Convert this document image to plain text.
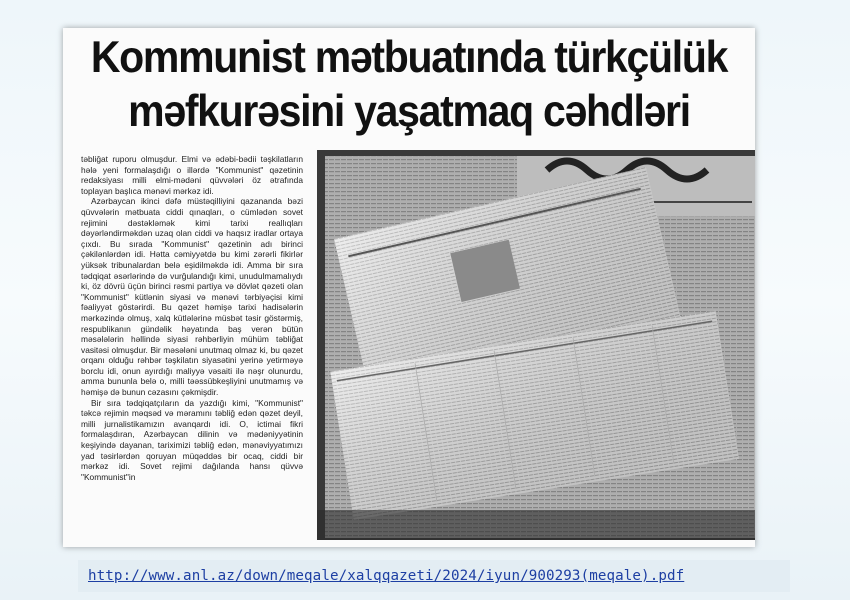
Kommunist mətbuatında türkçülük
məfkurəsini yaşatmaq cəhdləri

təbliğat ruporu olmuşdur. Elmi və ədəbi-bədii təşkilatların hələ yeni formalaşdığı o illərdə "Kommunist" qəzetinin redaksiyası milli elmi-mədəni qüvvələri öz ətrafında toplayan başlıca mənəvi mərkəz idi.

Azərbaycan ikinci dəfə müstəqilliyini qazananda bəzi qüvvələrin mətbuata ciddi qınaqları, o cümlədən sovet rejimini dəstəkləmək kimi tarixi reallıqları dəyərləndirməkdən uzaq olan ciddi və haqsız iradlar ortaya çıxdı. Bu sırada "Kommunist" qəzetinin adı birinci çəkilənlərdən idi. Hətta cəmiyyətdə bu kimi zərərli fikirlər yüksək tribunalardan belə eşidilməkdə idi. Amma bir sıra tədqiqat əsərlərində də vurğulandığı kimi, unudulmamalıydı ki, öz dövrü üçün birinci rəsmi partiya və dövlət qəzeti olan "Kommunist" kütlənin siyasi və mənəvi tərbiyəçisi kimi fəaliyyət göstərirdi. Bu qəzet həmişə tarixi hadisələrin mərkəzində olmuş, xalq kütlələrinə müsbət təsir göstərmiş, respublikanın gündəlik həyatında baş verən bütün məsələlərin həllində siyasi rəhbərliyin mühüm təbliğat vasitəsi olmuşdur. Bir məsələni unutmaq olmaz ki, bu qəzet orqanı olduğu rəhbər təşkilatın siyasətini yerinə yetirməyə borclu idi, onun ayırdığı maliyyə vəsaiti ilə nəşr olunurdu, amma bununla belə o, milli təəssübkeşliyini unutmamış və həmişə də bunun cəzasını çəkmişdir.

Bir sıra tədqiqatçıların da yazdığı kimi, "Kommunist" təkcə rejimin məqsəd və məramını təbliğ edən qəzet deyil, milli jurnalistikamızın avanqardı idi. O, ictimai fikri formalaşdıran, Azərbaycan dilinin və mədəniyyətinin keşiyində dayanan, tariximizi təbliğ edən, mənəviyyatımızı yad təsirlərdən qoruyan müqəddəs bir ocaq, ciddi bir mərkəz idi. Sovet rejimi dağılanda hansı qüvvə "Kommunist"in

http://www.anl.az/down/meqale/xalqqazeti/2024/iyun/900293(meqale).pdf
